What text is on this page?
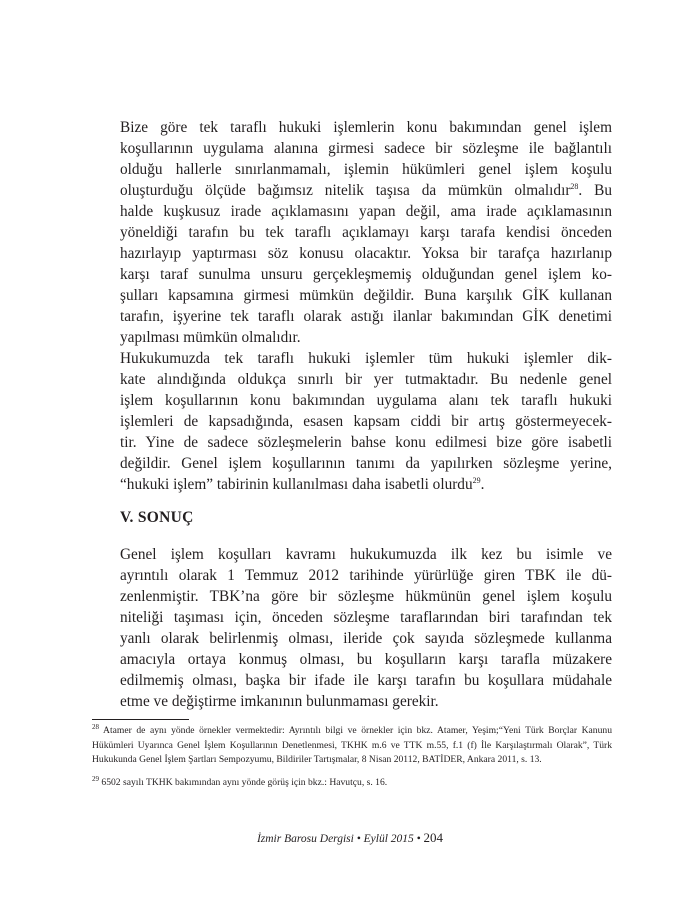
Bize göre tek taraflı hukuki işlemlerin konu bakımından genel işlem
koşullarının uygulama alanına girmesi sadece bir sözleşme ile bağlantılı
olduğu hallerle sınırlanmamalı, işlemin hükümleri genel işlem koşulu
oluşturduğu ölçüde bağımsız nitelik taşısa da mümkün olmalıdır$^{28}$. Bu
halde kuşkusuz irade açıklamasını yapan değil, ama irade açıklamasının
yöneldiği tarafın bu tek taraflı açıklamayı karşı tarafa kendisi önceden
hazırlayıp yaptırması söz konusu olacaktır. Yoksa bir tarafça hazırlanıp
karşı taraf sunulma unsuru gerçekleşmemiş olduğundan genel işlem ko-
şulları kapsamına girmesi mümkün değildir. Buna karşılık GİK kullanan
tarafın, işyerine tek taraflı olarak astığı ilanlar bakımından GİK denetimi
yapılması mümkün olmalıdır.

Hukukumuzda tek taraflı hukuki işlemler tüm hukuki işlemler dik-
kate alındığında oldukça sınırlı bir yer tutmaktadır. Bu nedenle genel
işlem koşullarının konu bakımından uygulama alanı tek taraflı hukuki
işlemleri de kapsadığında, esasen kapsam ciddi bir artış göstermeyecek-
tir. Yine de sadece sözleşmelerin bahse konu edilmesi bize göre isabetli
değildir. Genel işlem koşullarının tanımı da yapılırken sözleşme yerine,
“hukuki işlem” tabirinin kullanılması daha isabetli olurdu$^{29}$.

V. SONUÇ

Genel işlem koşulları kavramı hukukumuzda ilk kez bu isimle ve
ayrıntılı olarak 1 Temmuz 2012 tarihinde yürürlüğe giren TBK ile dü-
zenlenmiştir. TBK’na göre bir sözleşme hükmünün genel işlem koşulu
niteliği taşıması için, önceden sözleşme taraflarından biri tarafından tek
yanlı olarak belirlenmiş olması, ileride çok sayıda sözleşmede kullanma
amacıyla ortaya konmuş olması, bu koşulların karşı tarafla müzakere
edilmemiş olması, başka bir ifade ile karşı tarafın bu koşullara müdahale
etme ve değiştirme imkanının bulunmaması gerekir.

$^{28}$ Atamer de aynı yönde örnekler vermektedir: Ayrıntılı bilgi ve örnekler için bkz. Atamer, Yeşim;“Yeni Türk Borçlar Kanunu Hükümleri Uyarınca Genel İşlem Koşullarının Denetlenmesi, TKHK m.6 ve TTK m.55, f.1 (f) İle Karşılaştırmalı Olarak”, Türk Hukukunda Genel İşlem Şartları Sempozyumu, Bildiriler Tartışmalar, 8 Nisan 20112, BATİDER, Ankara 2011, s. 13.

$^{29}$ 6502 sayılı TKHK bakımından aynı yönde görüş için bkz.: Havutçu, s. 16.

İzmir Barosu Dergisi • Eylül 2015 • 204
